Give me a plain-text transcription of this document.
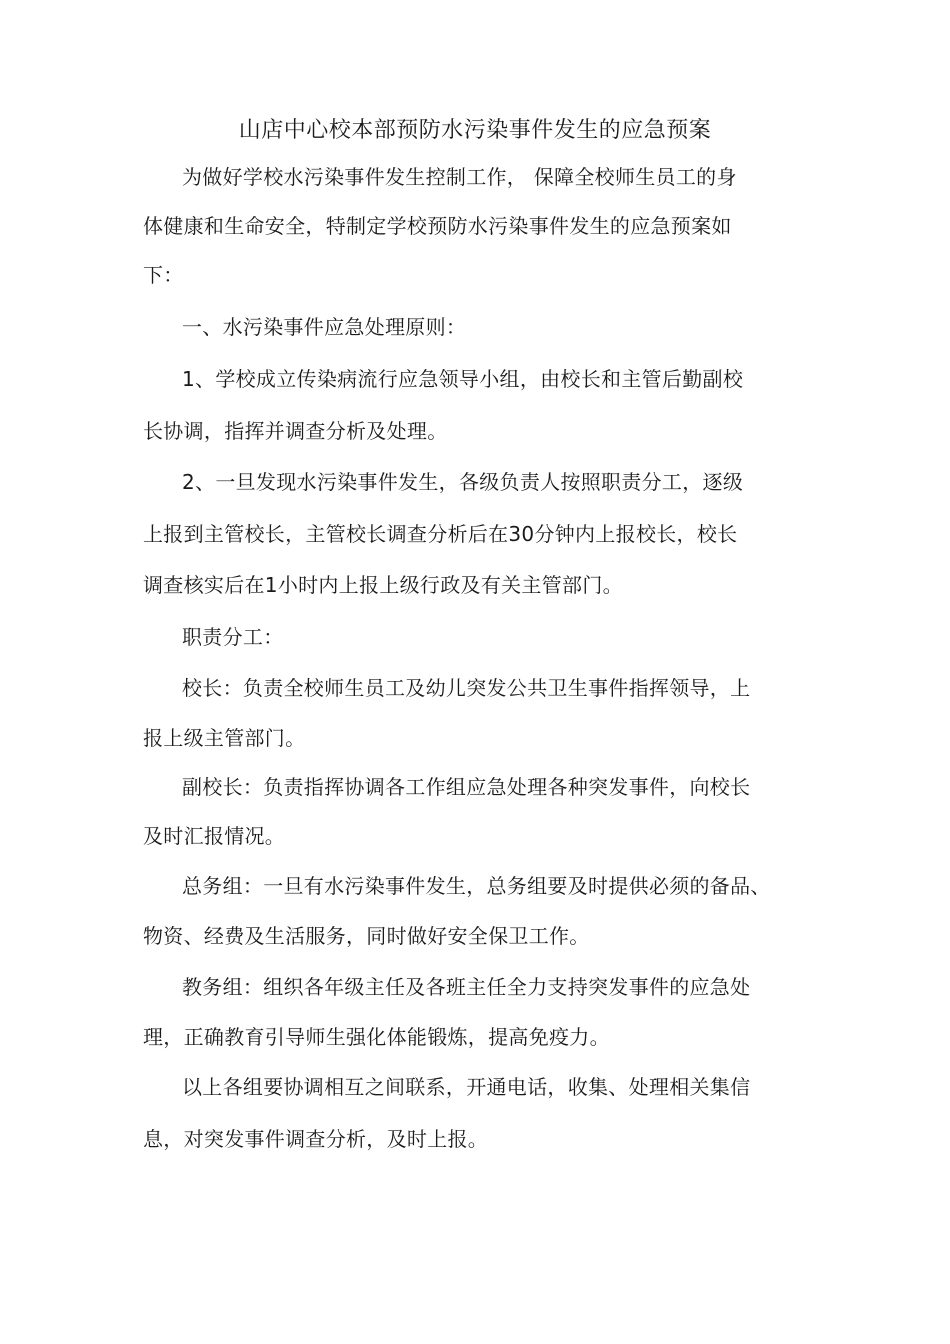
山店中心校本部预防水污染事件发生的应急预案
为做好学校水污染事件发生控制工作， 保障全校师生员工的身
体健康和生命安全，特制定学校预防水污染事件发生的应急预案如
下：
一、水污染事件应急处理原则：
1、学校成立传染病流行应急领导小组，由校长和主管后勤副校
长协调，指挥并调查分析及处理。
2、一旦发现水污染事件发生，各级负责人按照职责分工，逐级
上报到主管校长，主管校长调查分析后在30分钟内上报校长，校长
调查核实后在1小时内上报上级行政及有关主管部门。
职责分工：
校长：负责全校师生员工及幼儿突发公共卫生事件指挥领导，上
报上级主管部门。
副校长：负责指挥协调各工作组应急处理各种突发事件，向校长
及时汇报情况。
总务组：一旦有水污染事件发生，总务组要及时提供必须的备品、
物资、经费及生活服务，同时做好安全保卫工作。
教务组：组织各年级主任及各班主任全力支持突发事件的应急处
理，正确教育引导师生强化体能锻炼，提高免疫力。
以上各组要协调相互之间联系，开通电话，收集、处理相关集信
息，对突发事件调查分析，及时上报。
